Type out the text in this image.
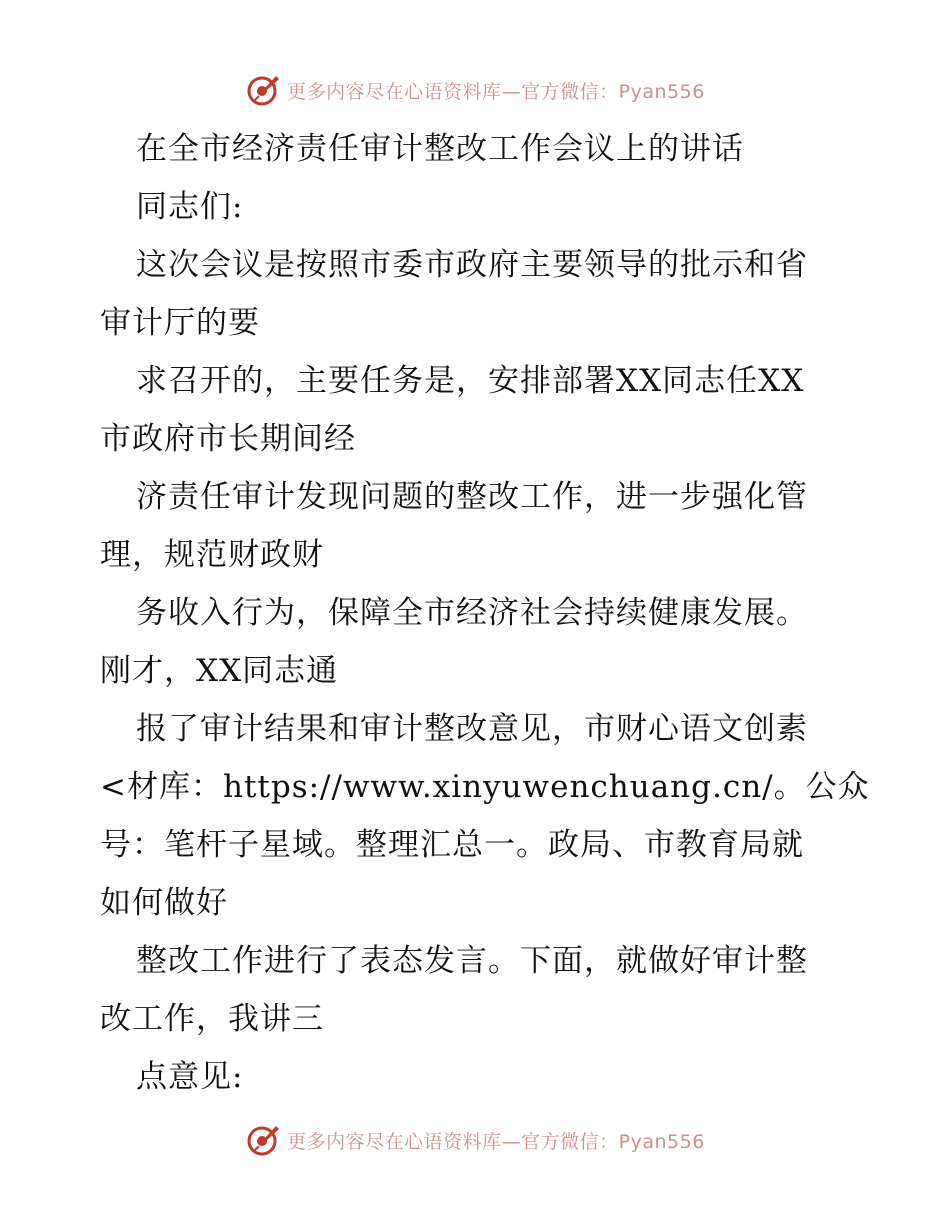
更多内容尽在心语资料库—官方微信：Pyan556
在全市经济责任审计整改工作会议上的讲话
同志们:
这次会议是按照市委市政府主要领导的批示和省
审计厅的要
求召开的，主要任务是，安排部署XX同志任XX
市政府市长期间经
济责任审计发现问题的整改工作，进一步强化管
理，规范财政财
务收入行为，保障全市经济社会持续健康发展。
刚才，XX同志通
报了审计结果和审计整改意见，市财心语文创素
<材库：https://www.xinyuwenchuang.cn/。公众
号：笔杆子星域。整理汇总一。政局、市教育局就
如何做好
整改工作进行了表态发言。下面，就做好审计整
改工作，我讲三
点意见:
更多内容尽在心语资料库—官方微信：Pyan556
